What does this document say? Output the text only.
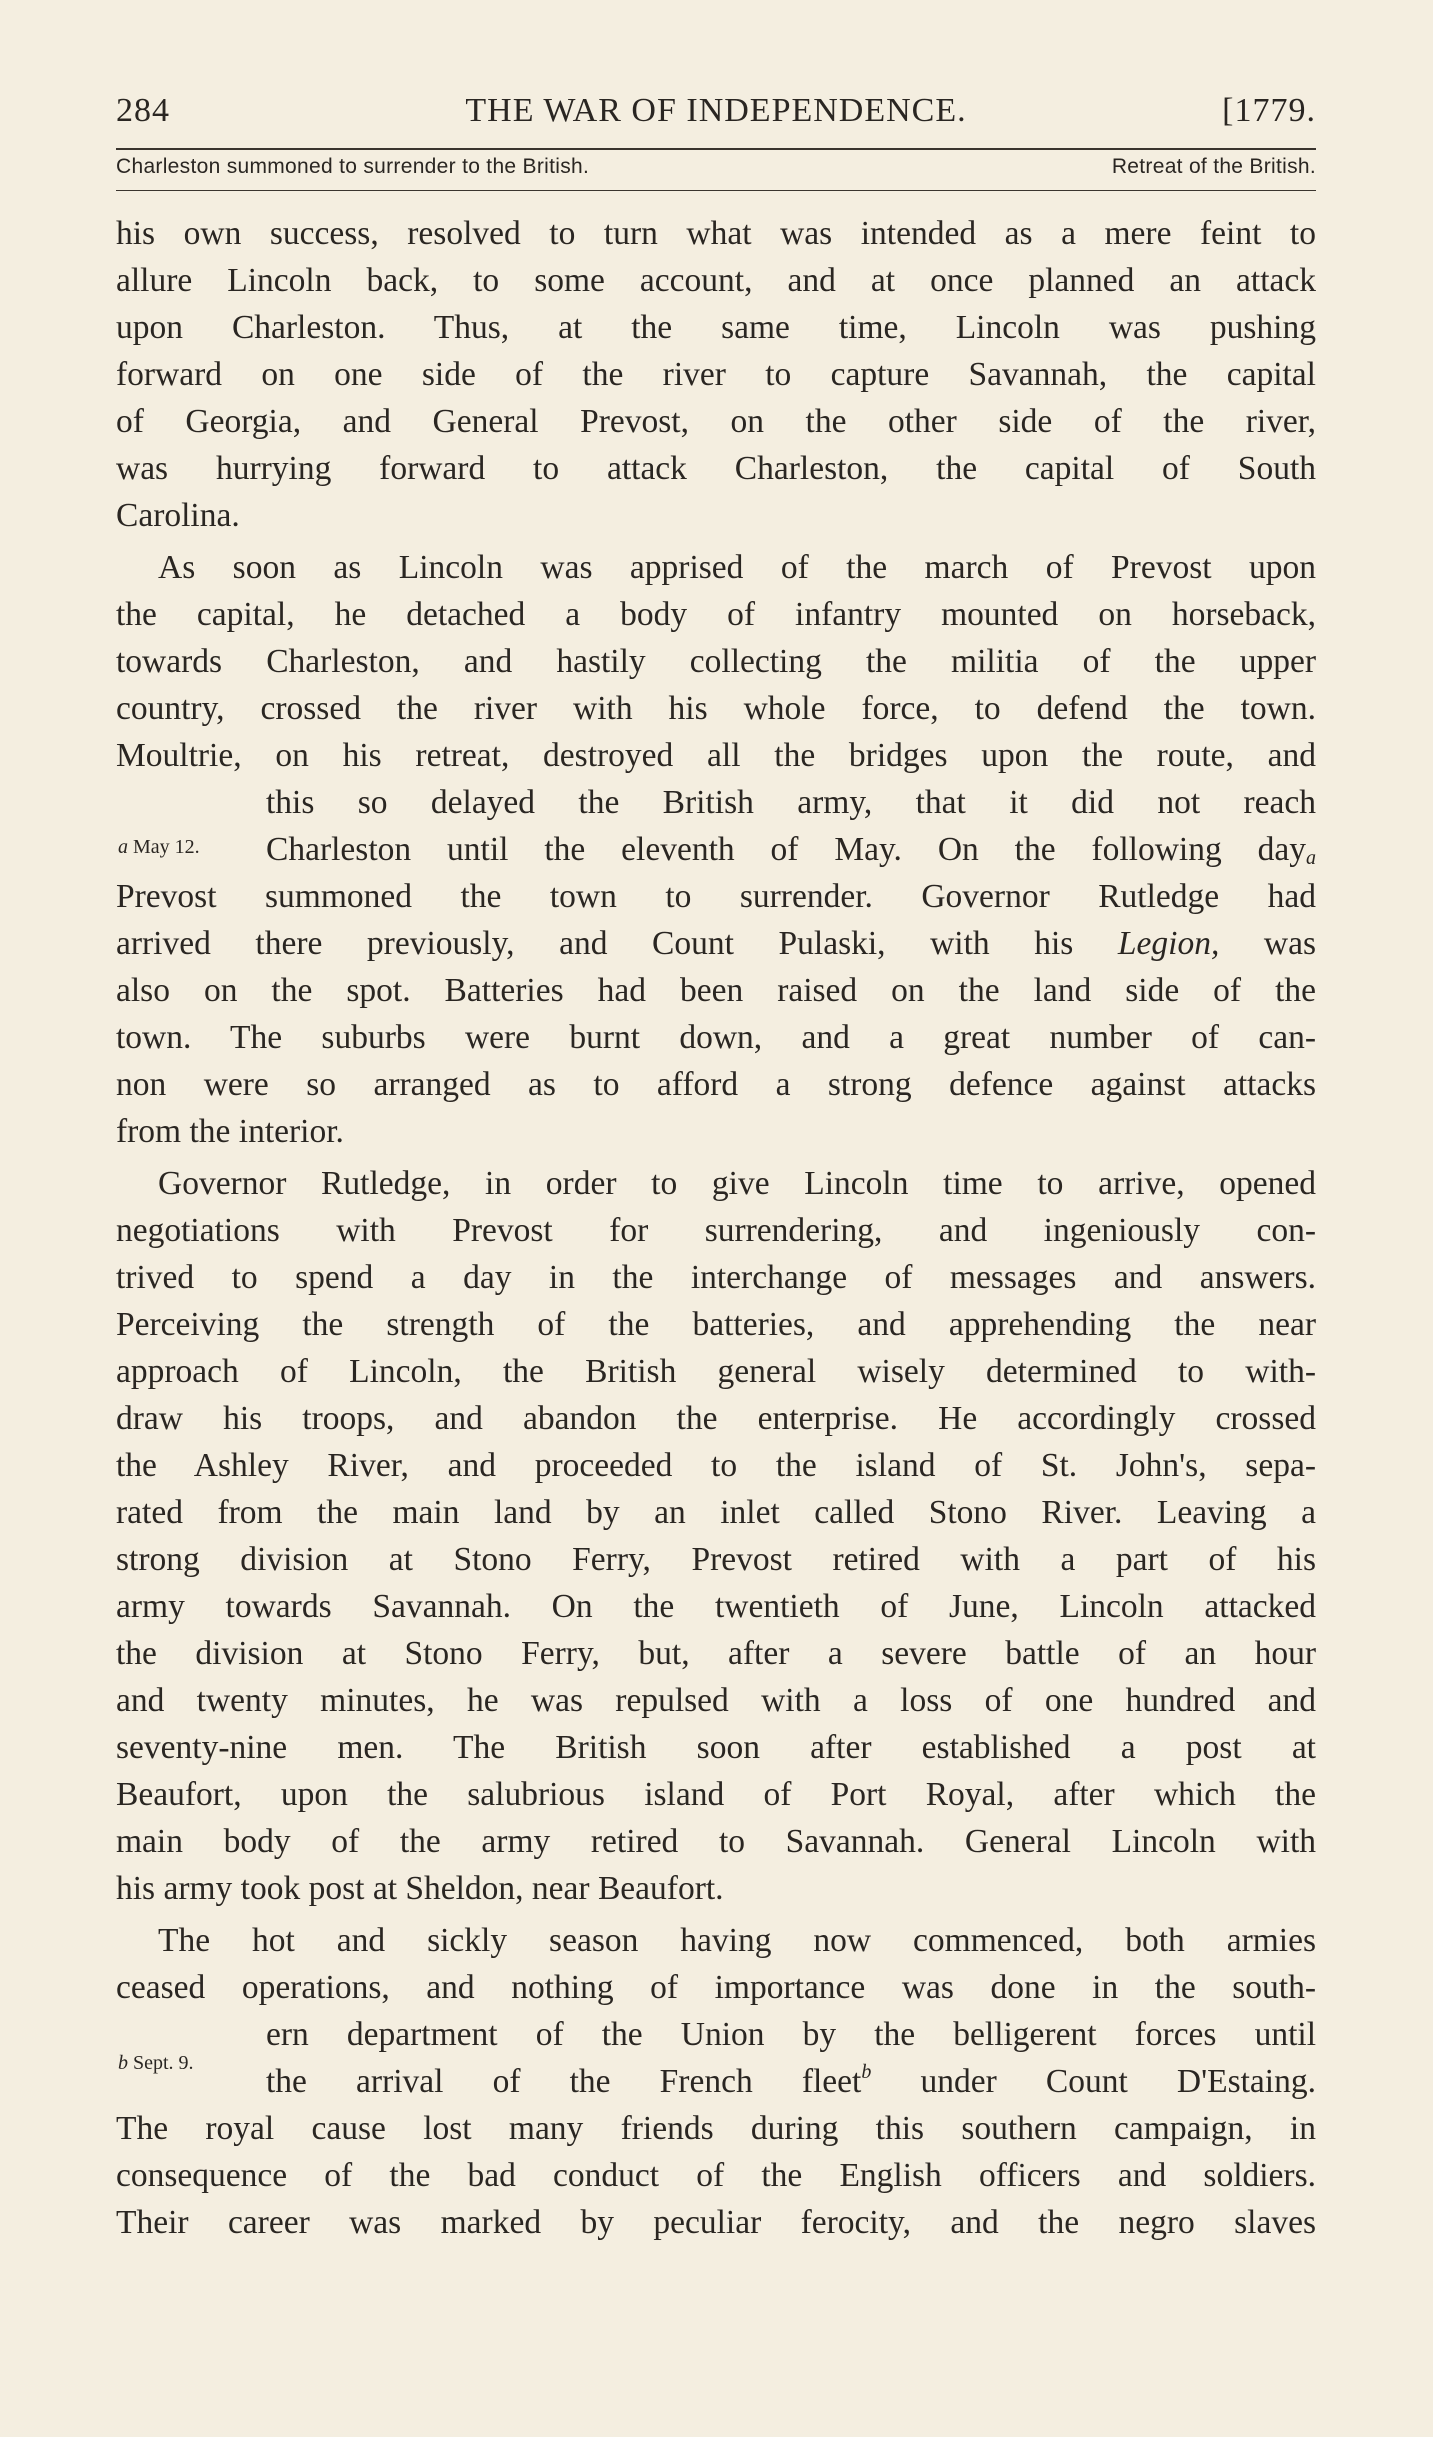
284	THE WAR OF INDEPENDENCE.	[1779.
Charleston summoned to surrender to the British.	Retreat of the British.
his own success, resolved to turn what was intended as a mere feint to
allure Lincoln back, to some account, and at once planned an attack
upon Charleston. Thus, at the same time, Lincoln was pushing
forward on one side of the river to capture Savannah, the capital
of Georgia, and General Prevost, on the other side of the river,
was hurrying forward to attack Charleston, the capital of South
Carolina.
As soon as Lincoln was apprised of the march of Prevost upon
the capital, he detached a body of infantry mounted on horseback,
towards Charleston, and hastily collecting the militia of the upper
country, crossed the river with his whole force, to defend the town.
Moultrie, on his retreat, destroyed all the bridges upon the route, and
this so delayed the British army, that it did not reach
a May 12. Charleston until the eleventh of May. On the following day$_a$
Prevost summoned the town to surrender. Governor Rutledge had
arrived there previously, and Count Pulaski, with his Legion, was
also on the spot. Batteries had been raised on the land side of the
town. The suburbs were burnt down, and a great number of can-
non were so arranged as to afford a strong defence against attacks
from the interior.
Governor Rutledge, in order to give Lincoln time to arrive, opened
negotiations with Prevost for surrendering, and ingeniously con-
trived to spend a day in the interchange of messages and answers.
Perceiving the strength of the batteries, and apprehending the near
approach of Lincoln, the British general wisely determined to with-
draw his troops, and abandon the enterprise. He accordingly crossed
the Ashley River, and proceeded to the island of St. John's, sepa-
rated from the main land by an inlet called Stono River. Leaving a
strong division at Stono Ferry, Prevost retired with a part of his
army towards Savannah. On the twentieth of June, Lincoln attacked
the division at Stono Ferry, but, after a severe battle of an hour
and twenty minutes, he was repulsed with a loss of one hundred and
seventy-nine men. The British soon after established a post at
Beaufort, upon the salubrious island of Port Royal, after which the
main body of the army retired to Savannah. General Lincoln with
his army took post at Sheldon, near Beaufort.
The hot and sickly season having now commenced, both armies
ceased operations, and nothing of importance was done in the south-
b Sept. 9.
ern department of the Union by the belligerent forces until
the arrival of the French fleet$^b$ under Count D'Estaing.
The royal cause lost many friends during this southern campaign, in
consequence of the bad conduct of the English officers and soldiers.
Their career was marked by peculiar ferocity, and the negro slaves
